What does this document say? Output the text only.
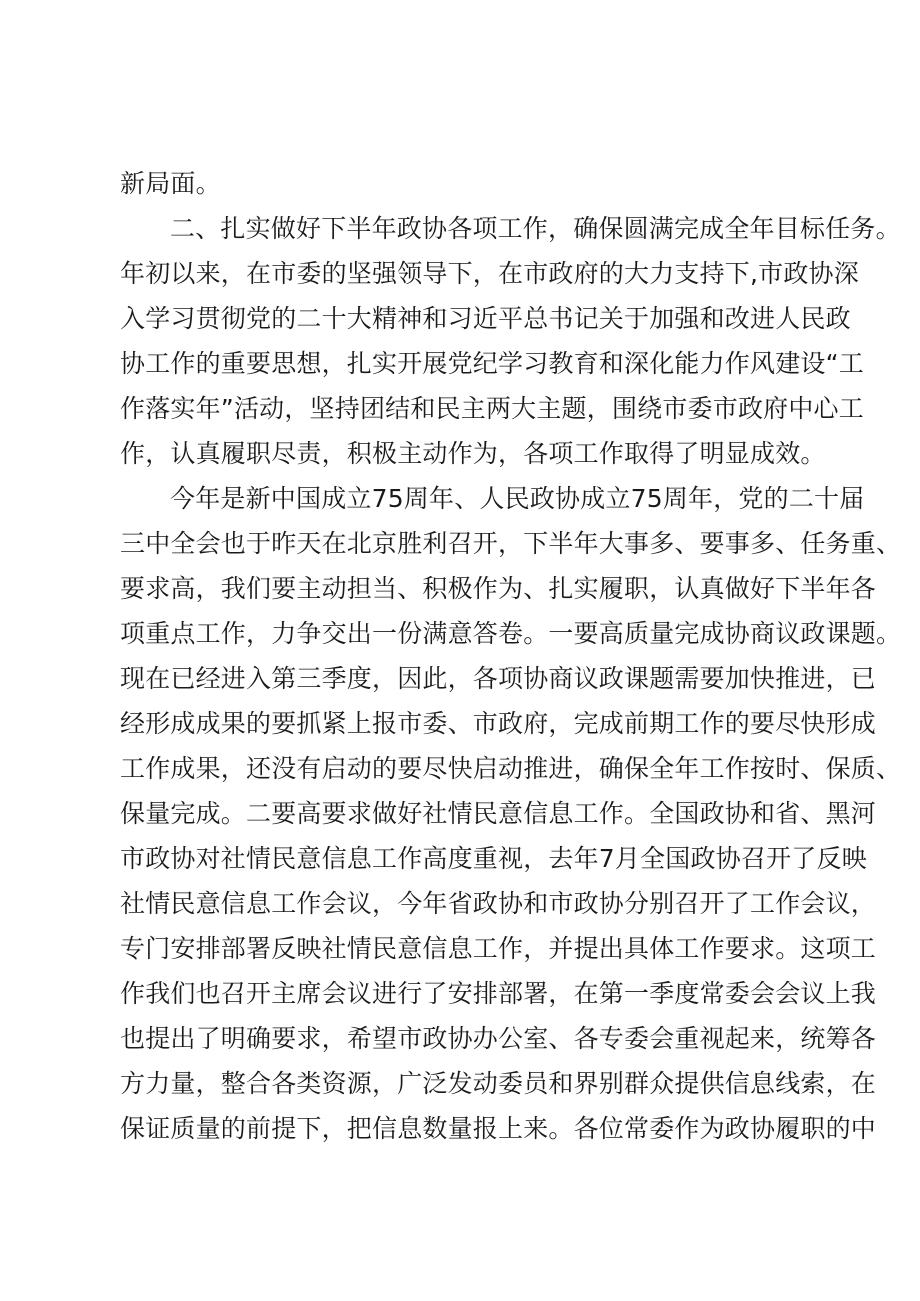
新局面。
二、扎实做好下半年政协各项工作，确保圆满完成全年目标任务。
年初以来，在市委的坚强领导下，在市政府的大力支持下,市政协深
入学习贯彻党的二十大精神和习近平总书记关于加强和改进人民政
协工作的重要思想，扎实开展党纪学习教育和深化能力作风建设“工
作落实年”活动，坚持团结和民主两大主题，围绕市委市政府中心工
作，认真履职尽责，积极主动作为，各项工作取得了明显成效。
今年是新中国成立75周年、人民政协成立75周年，党的二十届
三中全会也于昨天在北京胜利召开，下半年大事多、要事多、任务重、
要求高，我们要主动担当、积极作为、扎实履职，认真做好下半年各
项重点工作，力争交出一份满意答卷。一要高质量完成协商议政课题。
现在已经进入第三季度，因此，各项协商议政课题需要加快推进，已
经形成成果的要抓紧上报市委、市政府，完成前期工作的要尽快形成
工作成果，还没有启动的要尽快启动推进，确保全年工作按时、保质、
保量完成。二要高要求做好社情民意信息工作。全国政协和省、黑河
市政协对社情民意信息工作高度重视，去年7月全国政协召开了反映
社情民意信息工作会议，今年省政协和市政协分别召开了工作会议，
专门安排部署反映社情民意信息工作，并提出具体工作要求。这项工
作我们也召开主席会议进行了安排部署，在第一季度常委会会议上我
也提出了明确要求，希望市政协办公室、各专委会重视起来，统筹各
方力量，整合各类资源，广泛发动委员和界别群众提供信息线索，在
保证质量的前提下，把信息数量报上来。各位常委作为政协履职的中
